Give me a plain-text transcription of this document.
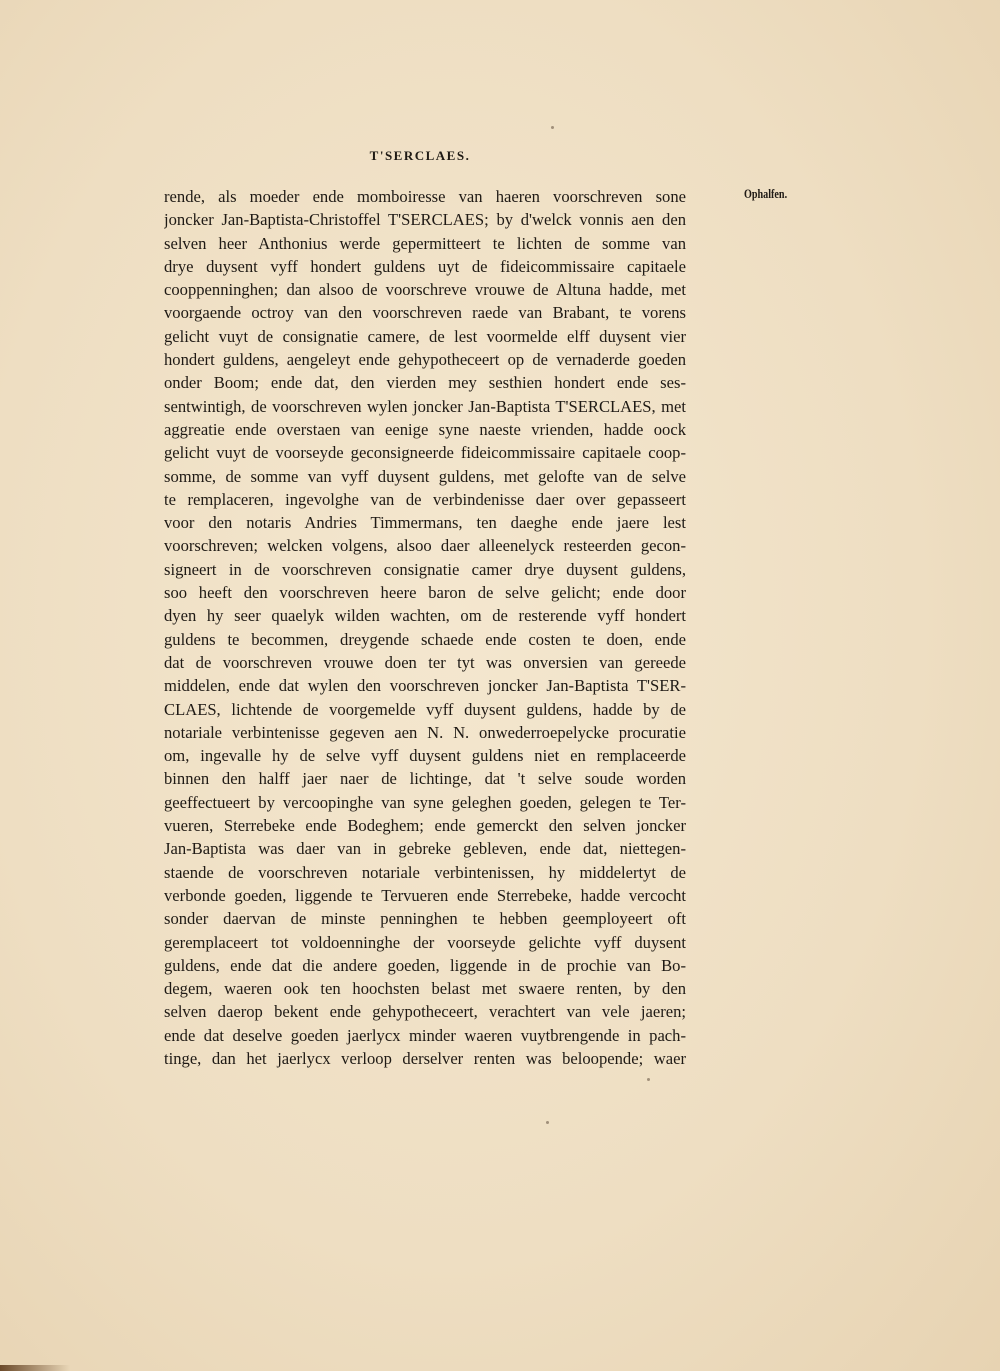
T'SERCLAES.
Ophalfen.
rende, als moeder ende momboiresse van haeren voorschreven sone
joncker Jan-Baptista-Christoffel T'SERCLAES; by d'welck vonnis aen den
selven heer Anthonius werde gepermitteert te lichten de somme van
drye duysent vyff hondert guldens uyt de fideicommissaire capitaele
cooppenninghen; dan alsoo de voorschreve vrouwe de Altuna hadde, met
voorgaende octroy van den voorschreven raede van Brabant, te vorens
gelicht vuyt de consignatie camere, de lest voormelde elff duysent vier
hondert guldens, aengeleyt ende gehypotheceert op de vernaderde goeden
onder Boom; ende dat, den vierden mey sesthien hondert ende ses-
sentwintigh, de voorschreven wylen joncker Jan-Baptista T'SERCLAES, met
aggreatie ende overstaen van eenige syne naeste vrienden, hadde oock
gelicht vuyt de voorseyde geconsigneerde fideicommissaire capitaele coop-
somme, de somme van vyff duysent guldens, met gelofte van de selve
te remplaceren, ingevolghe van de verbindenisse daer over gepasseert
voor den notaris Andries Timmermans, ten daeghe ende jaere lest
voorschreven; welcken volgens, alsoo daer alleenelyck resteerden gecon-
signeert in de voorschreven consignatie camer drye duysent guldens,
soo heeft den voorschreven heere baron de selve gelicht; ende door
dyen hy seer quaelyk wilden wachten, om de resterende vyff hondert
guldens te becommen, dreygende schaede ende costen te doen, ende
dat de voorschreven vrouwe doen ter tyt was onversien van gereede
middelen, ende dat wylen den voorschreven joncker Jan-Baptista T'SER-
CLAES, lichtende de voorgemelde vyff duysent guldens, hadde by de
notariale verbintenisse gegeven aen N. N. onwederroepelycke procuratie
om, ingevalle hy de selve vyff duysent guldens niet en remplaceerde
binnen den halff jaer naer de lichtinge, dat 't selve soude worden
geeffectueert by vercoopinghe van syne geleghen goeden, gelegen te Ter-
vueren, Sterrebeke ende Bodeghem; ende gemerckt den selven joncker
Jan-Baptista was daer van in gebreke gebleven, ende dat, niettegen-
staende de voorschreven notariale verbintenissen, hy middelertyt de
verbonde goeden, liggende te Tervueren ende Sterrebeke, hadde vercocht
sonder daervan de minste penninghen te hebben geemployeert oft
geremplaceert tot voldoenninghe der voorseyde gelichte vyff duysent
guldens, ende dat die andere goeden, liggende in de prochie van Bo-
degem, waeren ook ten hoochsten belast met swaere renten, by den
selven daerop bekent ende gehypotheceert, verachtert van vele jaeren;
ende dat deselve goeden jaerlycx minder waeren vuytbrengende in pach-
tinge, dan het jaerlycx verloop derselver renten was beloopende; waer
